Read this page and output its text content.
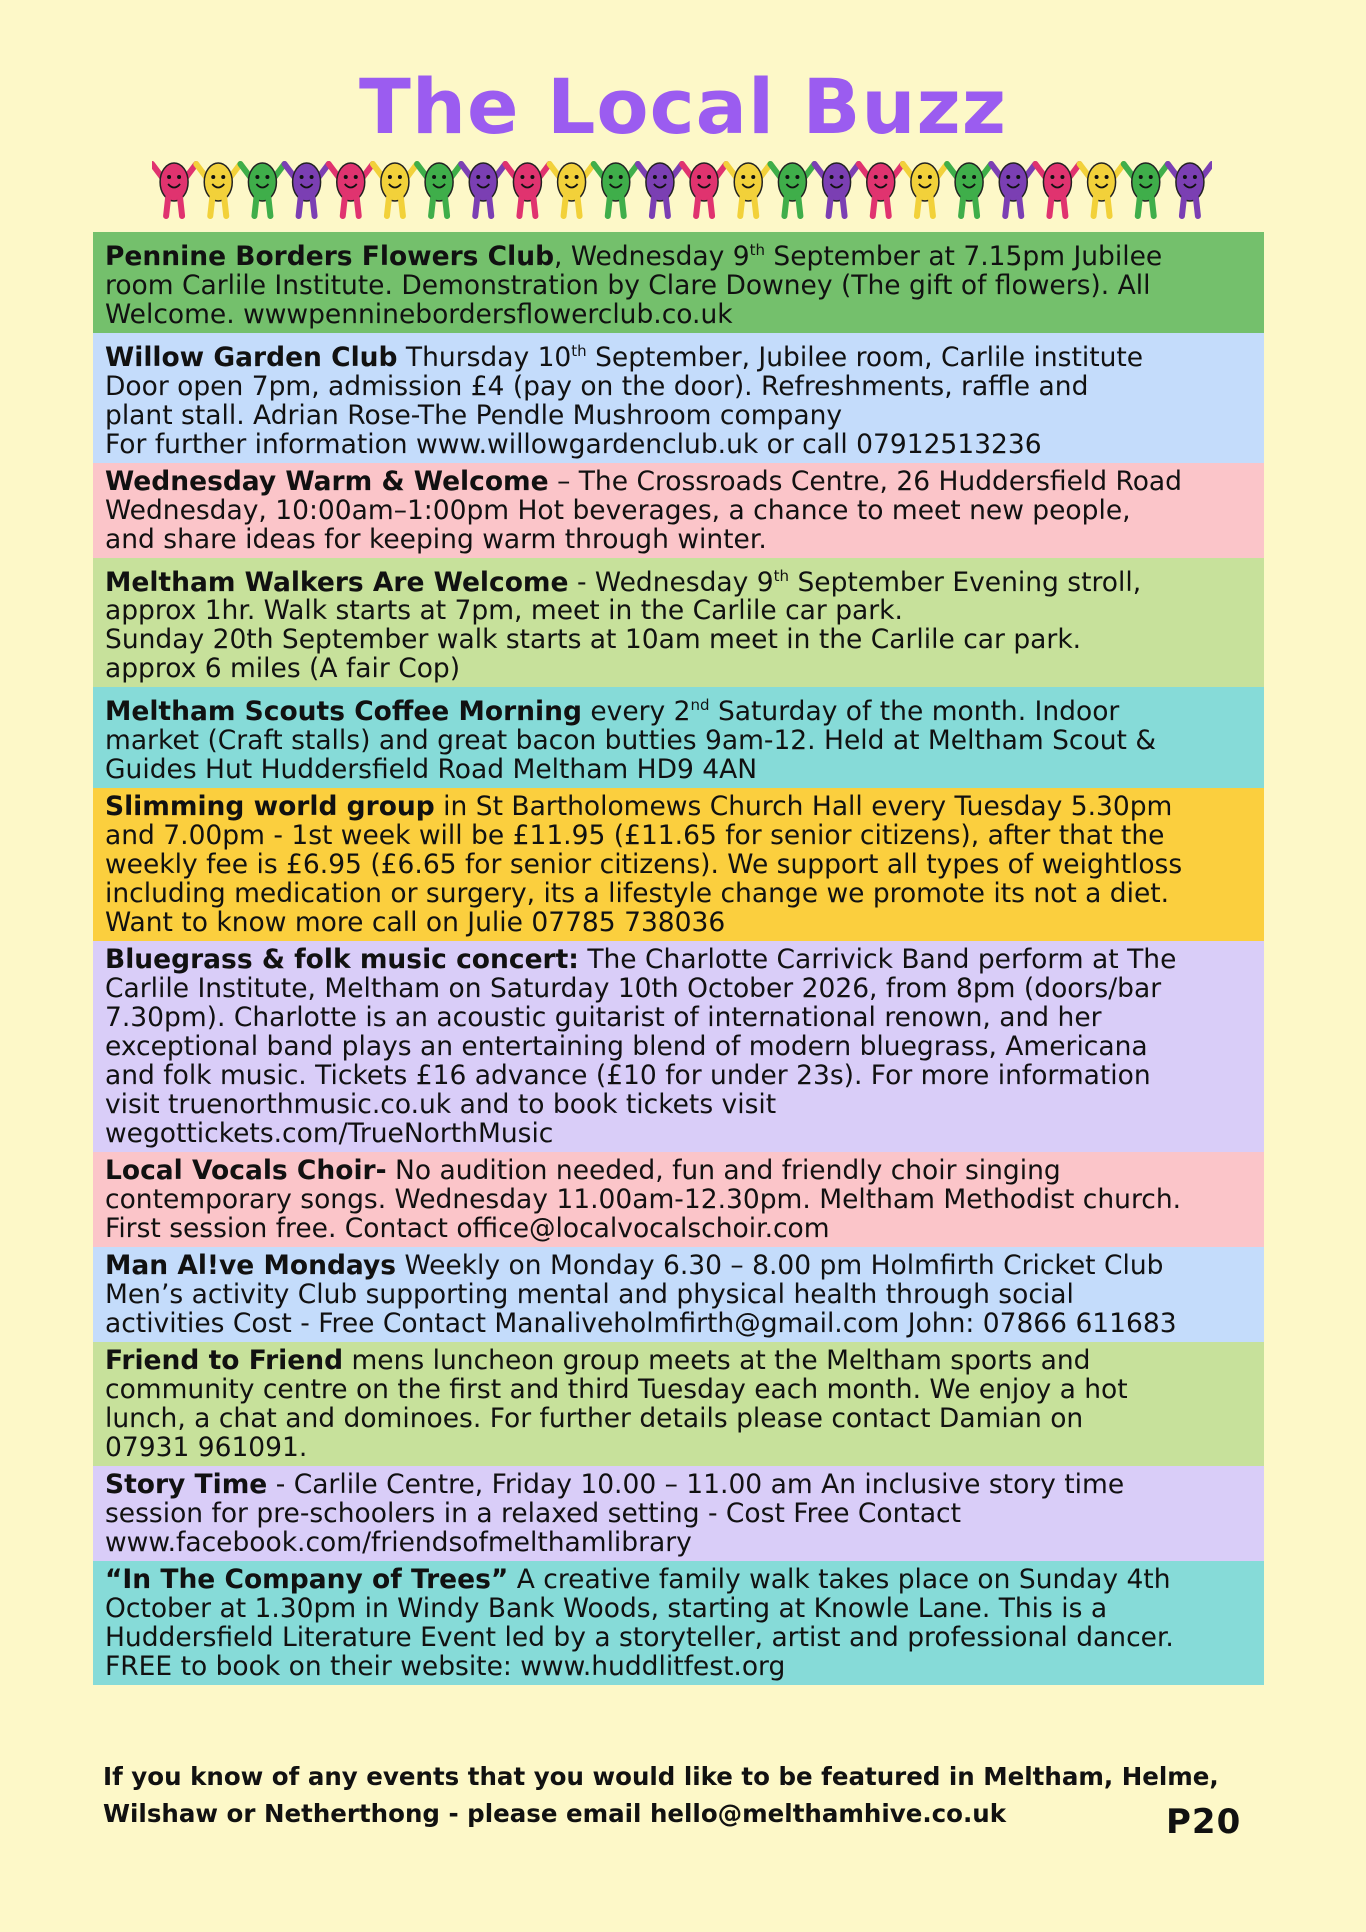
The Local Buzz
Pennine Borders Flowers Club, Wednesday 9th September at 7.15pm Jubilee
room Carlile Institute. Demonstration by Clare Downey (The gift of flowers). All
Welcome. wwwpenninebordersflowerclub.co.uk
Willow Garden Club Thursday 10th September, Jubilee room, Carlile institute
Door open 7pm, admission £4 (pay on the door). Refreshments, raffle and
plant stall. Adrian Rose-The Pendle Mushroom company
For further information www.willowgardenclub.uk or call 07912513236
Wednesday Warm & Welcome – The Crossroads Centre, 26 Huddersfield Road
Wednesday, 10:00am–1:00pm Hot beverages, a chance to meet new people,
and share ideas for keeping warm through winter.
Meltham Walkers Are Welcome - Wednesday 9th September Evening stroll,
approx 1hr. Walk starts at 7pm, meet in the Carlile car park.
Sunday 20th September walk starts at 10am meet in the Carlile car park.
approx 6 miles (A fair Cop)
Meltham Scouts Coffee Morning every 2nd Saturday of the month. Indoor
market (Craft stalls) and great bacon butties 9am-12. Held at Meltham Scout &
Guides Hut Huddersfield Road Meltham HD9 4AN
Slimming world group in St Bartholomews Church Hall every Tuesday 5.30pm
and 7.00pm - 1st week will be £11.95 (£11.65 for senior citizens), after that the
weekly fee is £6.95 (£6.65 for senior citizens). We support all types of weightloss
including medication or surgery, its a lifestyle change we promote its not a diet.
Want to know more call on Julie 07785 738036
Bluegrass & folk music concert: The Charlotte Carrivick Band perform at The
Carlile Institute, Meltham on Saturday 10th October 2026, from 8pm (doors/bar
7.30pm). Charlotte is an acoustic guitarist of international renown, and her
exceptional band plays an entertaining blend of modern bluegrass, Americana
and folk music. Tickets £16 advance (£10 for under 23s). For more information
visit truenorthmusic.co.uk and to book tickets visit
wegottickets.com/TrueNorthMusic
Local Vocals Choir- No audition needed, fun and friendly choir singing
contemporary songs. Wednesday 11.00am-12.30pm. Meltham Methodist church.
First session free. Contact office@localvocalschoir.com
Man Al!ve Mondays Weekly on Monday 6.30 – 8.00 pm Holmfirth Cricket Club
Men’s activity Club supporting mental and physical health through social
activities Cost - Free Contact Manaliveholmfirth@gmail.com John: 07866 611683
Friend to Friend mens luncheon group meets at the Meltham sports and
community centre on the first and third Tuesday each month. We enjoy a hot
lunch, a chat and dominoes. For further details please contact Damian on
07931 961091.
Story Time - Carlile Centre, Friday 10.00 – 11.00 am An inclusive story time
session for pre-schoolers in a relaxed setting - Cost Free Contact
www.facebook.com/friendsofmelthamlibrary
“In The Company of Trees” A creative family walk takes place on Sunday 4th
October at 1.30pm in Windy Bank Woods, starting at Knowle Lane. This is a
Huddersfield Literature Event led by a storyteller, artist and professional dancer.
FREE to book on their website: www.huddlitfest.org
If you know of any events that you would like to be featured in Meltham, Helme,
Wilshaw or Netherthong - please email hello@melthamhive.co.uk	P20
